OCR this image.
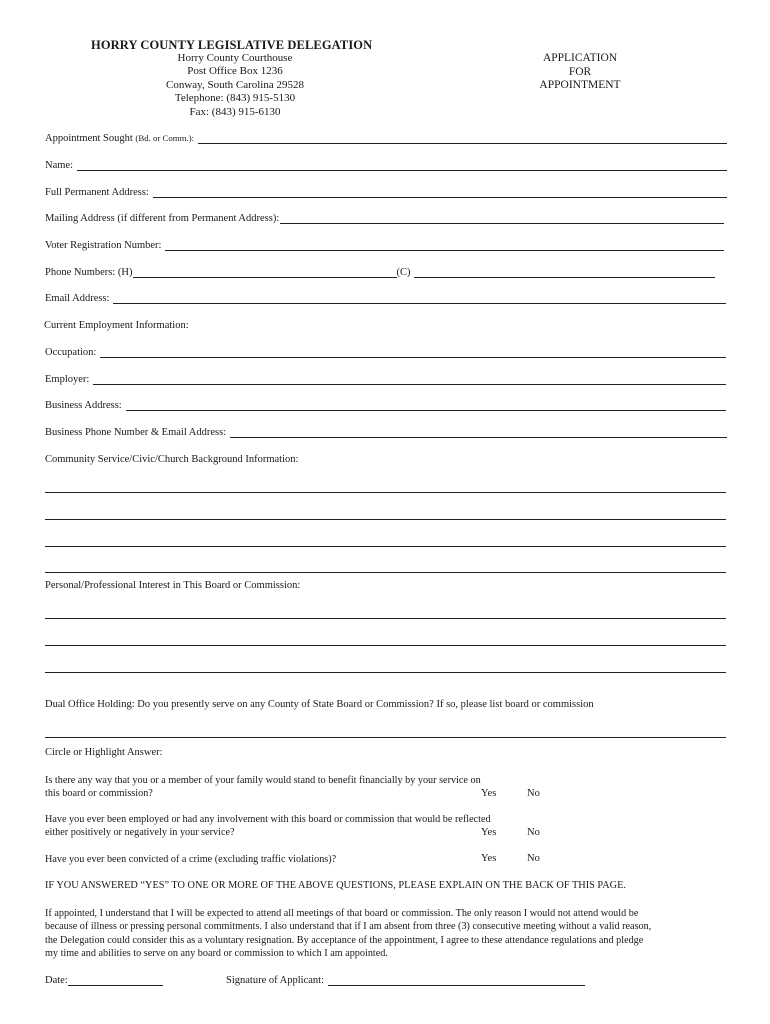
HORRY COUNTY LEGISLATIVE DELEGATION
Horry County Courthouse
Post Office Box 1236
Conway, South Carolina 29528
Telephone: (843) 915-5130
Fax: (843) 915-6130
APPLICATION
FOR
APPOINTMENT
Appointment Sought (Bd. or Comm.):
Name:
Full Permanent Address:
Mailing Address (if different from Permanent Address):
Voter Registration Number:
Phone Numbers: (H)	(C)
Email Address:
Current Employment Information:
Occupation:
Employer:
Business Address:
Business Phone Number & Email Address:
Community Service/Civic/Church Background Information:
Personal/Professional Interest in This Board or Commission:
Dual Office Holding: Do you presently serve on any County of State Board or Commission? If so, please list board or commission
Circle or Highlight Answer:
Is there any way that you or a member of your family would stand to benefit financially by your service on
this board or commission?	Yes	No
Have you ever been employed or had any involvement with this board or commission that would be reflected
either positively or negatively in your service?	Yes	No
Have you ever been convicted of a crime (excluding traffic violations)?	Yes	No
IF YOU ANSWERED “YES” TO ONE OR MORE OF THE ABOVE QUESTIONS, PLEASE EXPLAIN ON THE BACK OF THIS PAGE.
If appointed, I understand that I will be expected to attend all meetings of that board or commission. The only reason I would not attend would be
because of illness or pressing personal commitments. I also understand that if I am absent from three (3) consecutive meeting without a valid reason,
the Delegation could consider this as a voluntary resignation. By acceptance of the appointment, I agree to these attendance regulations and pledge
my time and abilities to serve on any board or commission to which I am appointed.
Date:	Signature of Applicant:
